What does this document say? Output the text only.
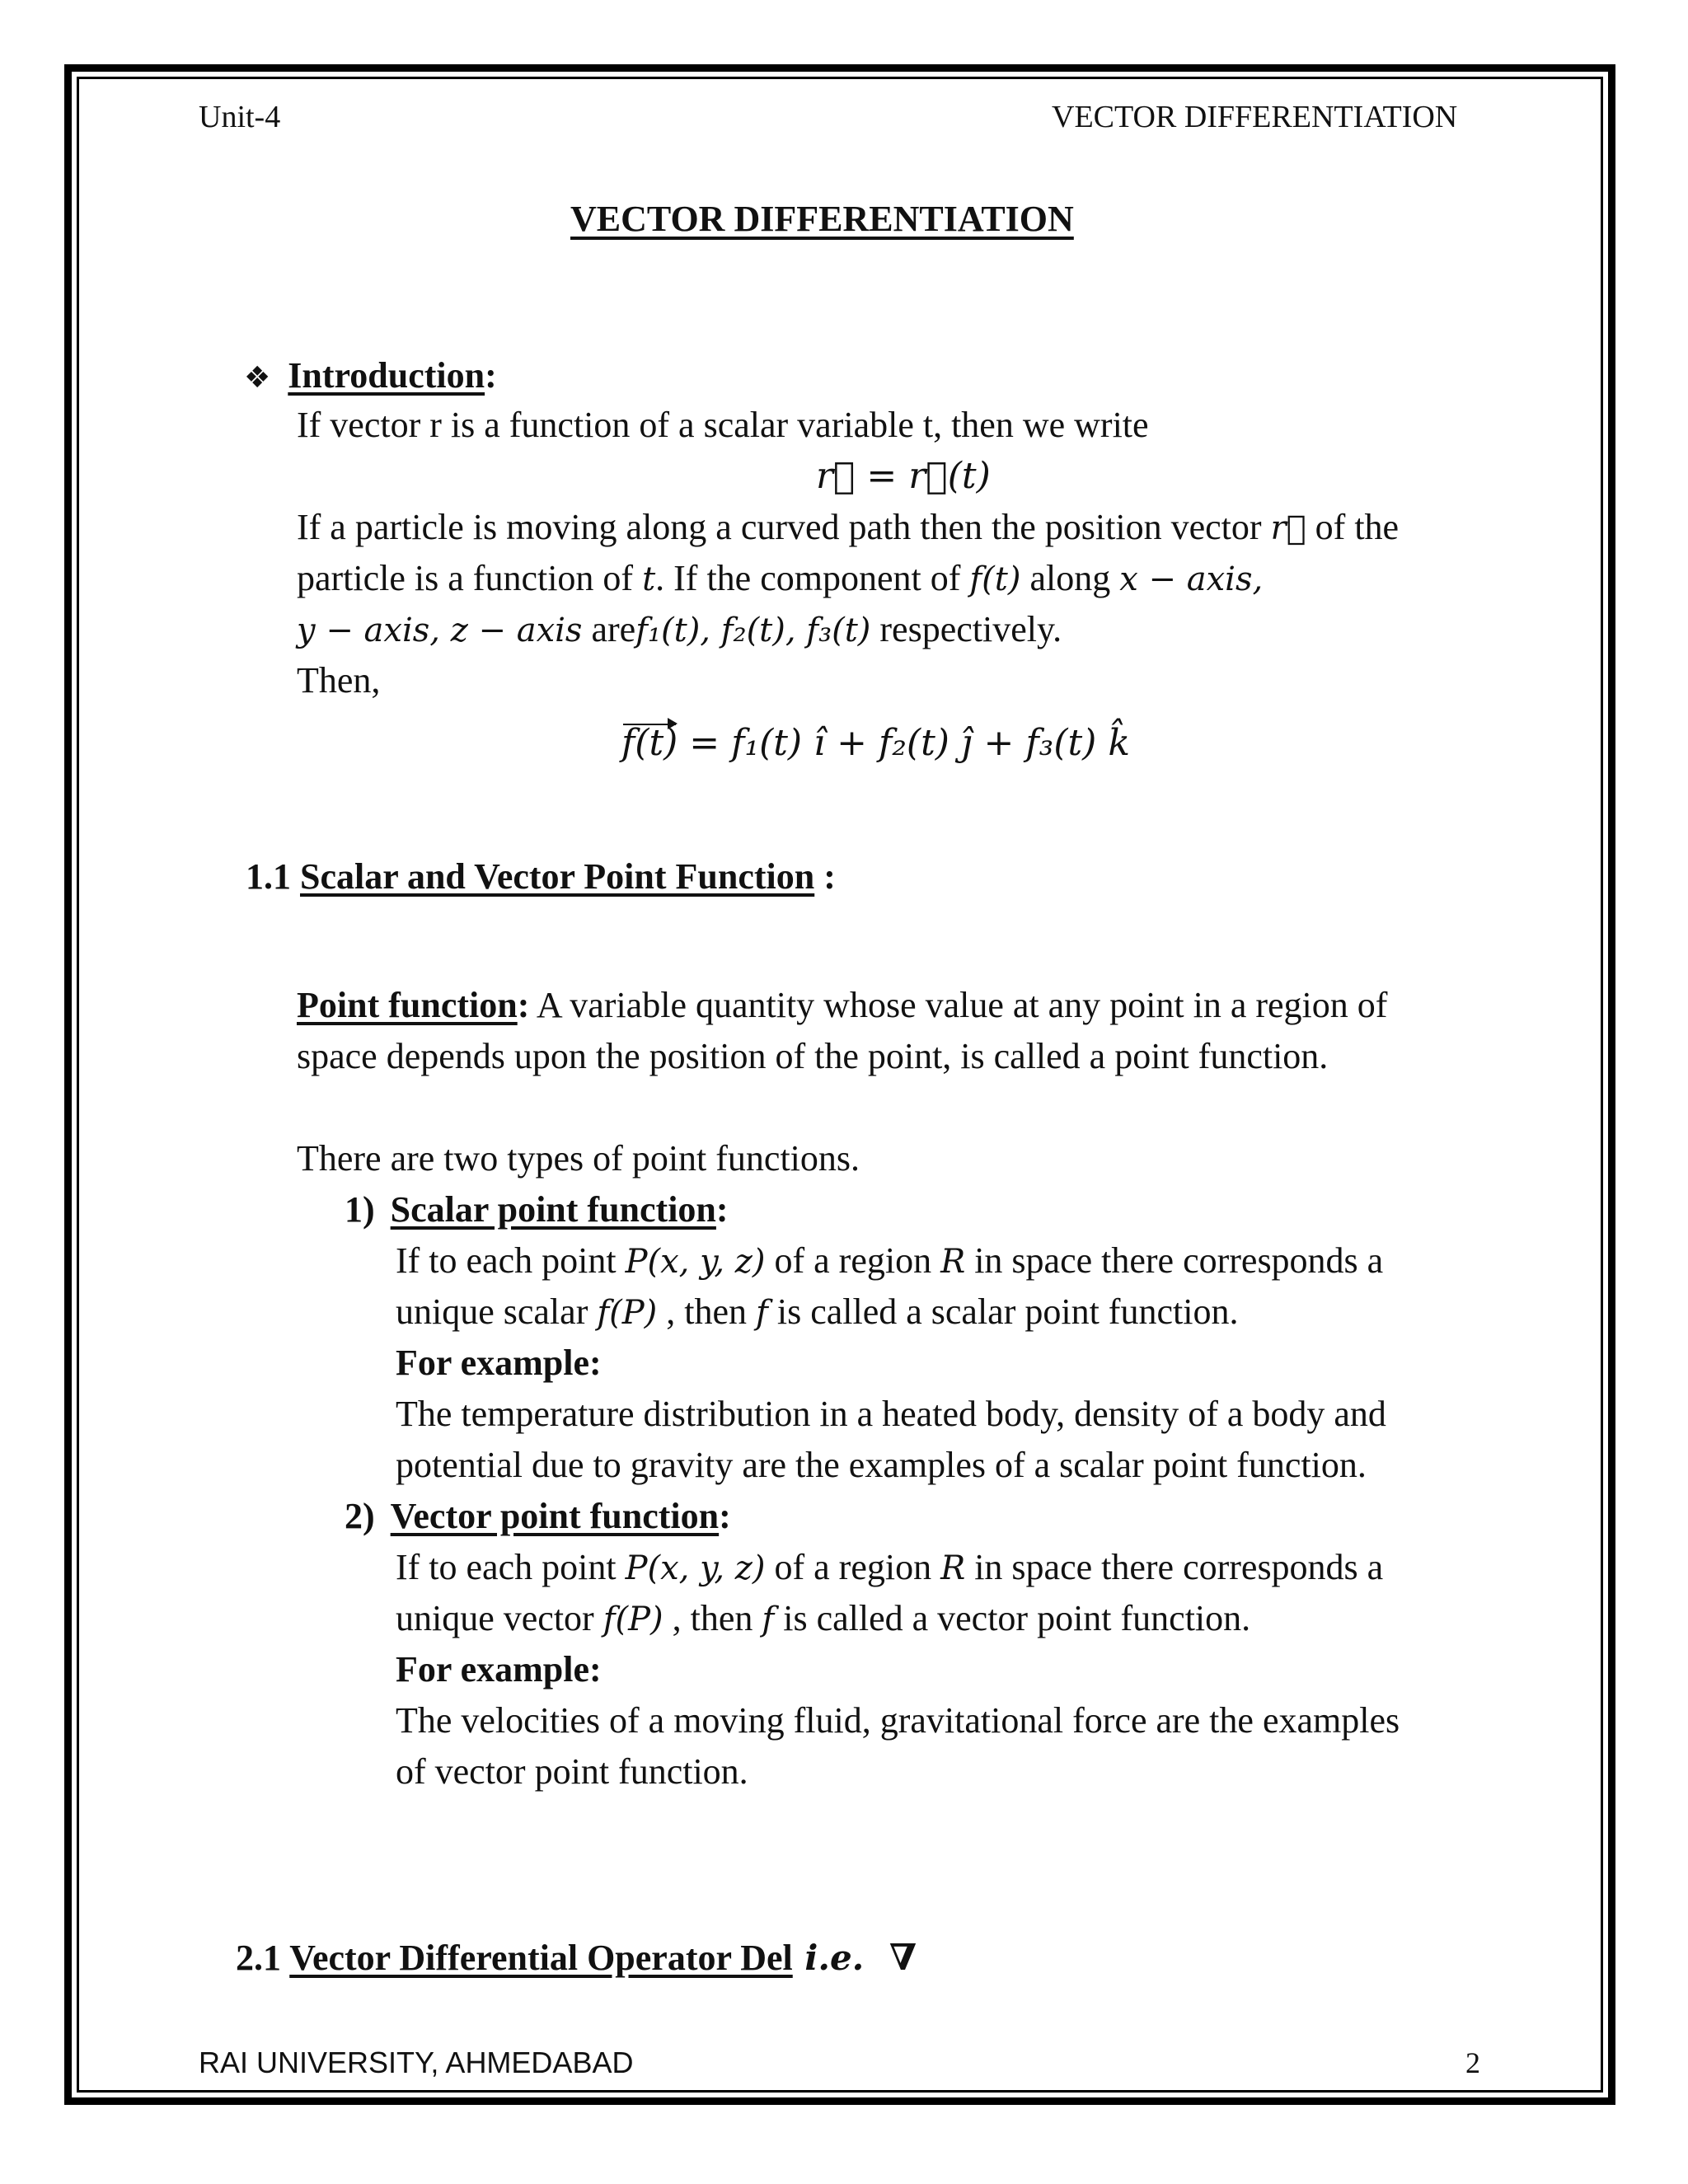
Unit-4	VECTOR DIFFERENTIATION
VECTOR DIFFERENTIATION
❖ Introduction:
If vector r is a function of a scalar variable t, then we write
r⃗ = r⃗(t)
If a particle is moving along a curved path then the position vector r⃗ of the
particle is a function of t. If the component of f(t) along x − axis,
y − axis, z − axis aref₁(t), f₂(t), f₃(t) respectively.
Then,
f(t) = f₁(t) î + f₂(t) ĵ + f₃(t) k̂
1.1 Scalar and Vector Point Function :
Point function: A variable quantity whose value at any point in a region of
space depends upon the position of the point, is called a point function.
There are two types of point functions.
1) Scalar point function:
If to each point P(x, y, z) of a region R in space there corresponds a
unique scalar f(P) , then f is called a scalar point function.
For example:
The temperature distribution in a heated body, density of a body and
potential due to gravity are the examples of a scalar point function.
2) Vector point function:
If to each point P(x, y, z) of a region R in space there corresponds a
unique vector f(P) , then f is called a vector point function.
For example:
The velocities of a moving fluid, gravitational force are the examples
of vector point function.
2.1 Vector Differential Operator Del i.e.  ∇
RAI UNIVERSITY, AHMEDABAD	2
